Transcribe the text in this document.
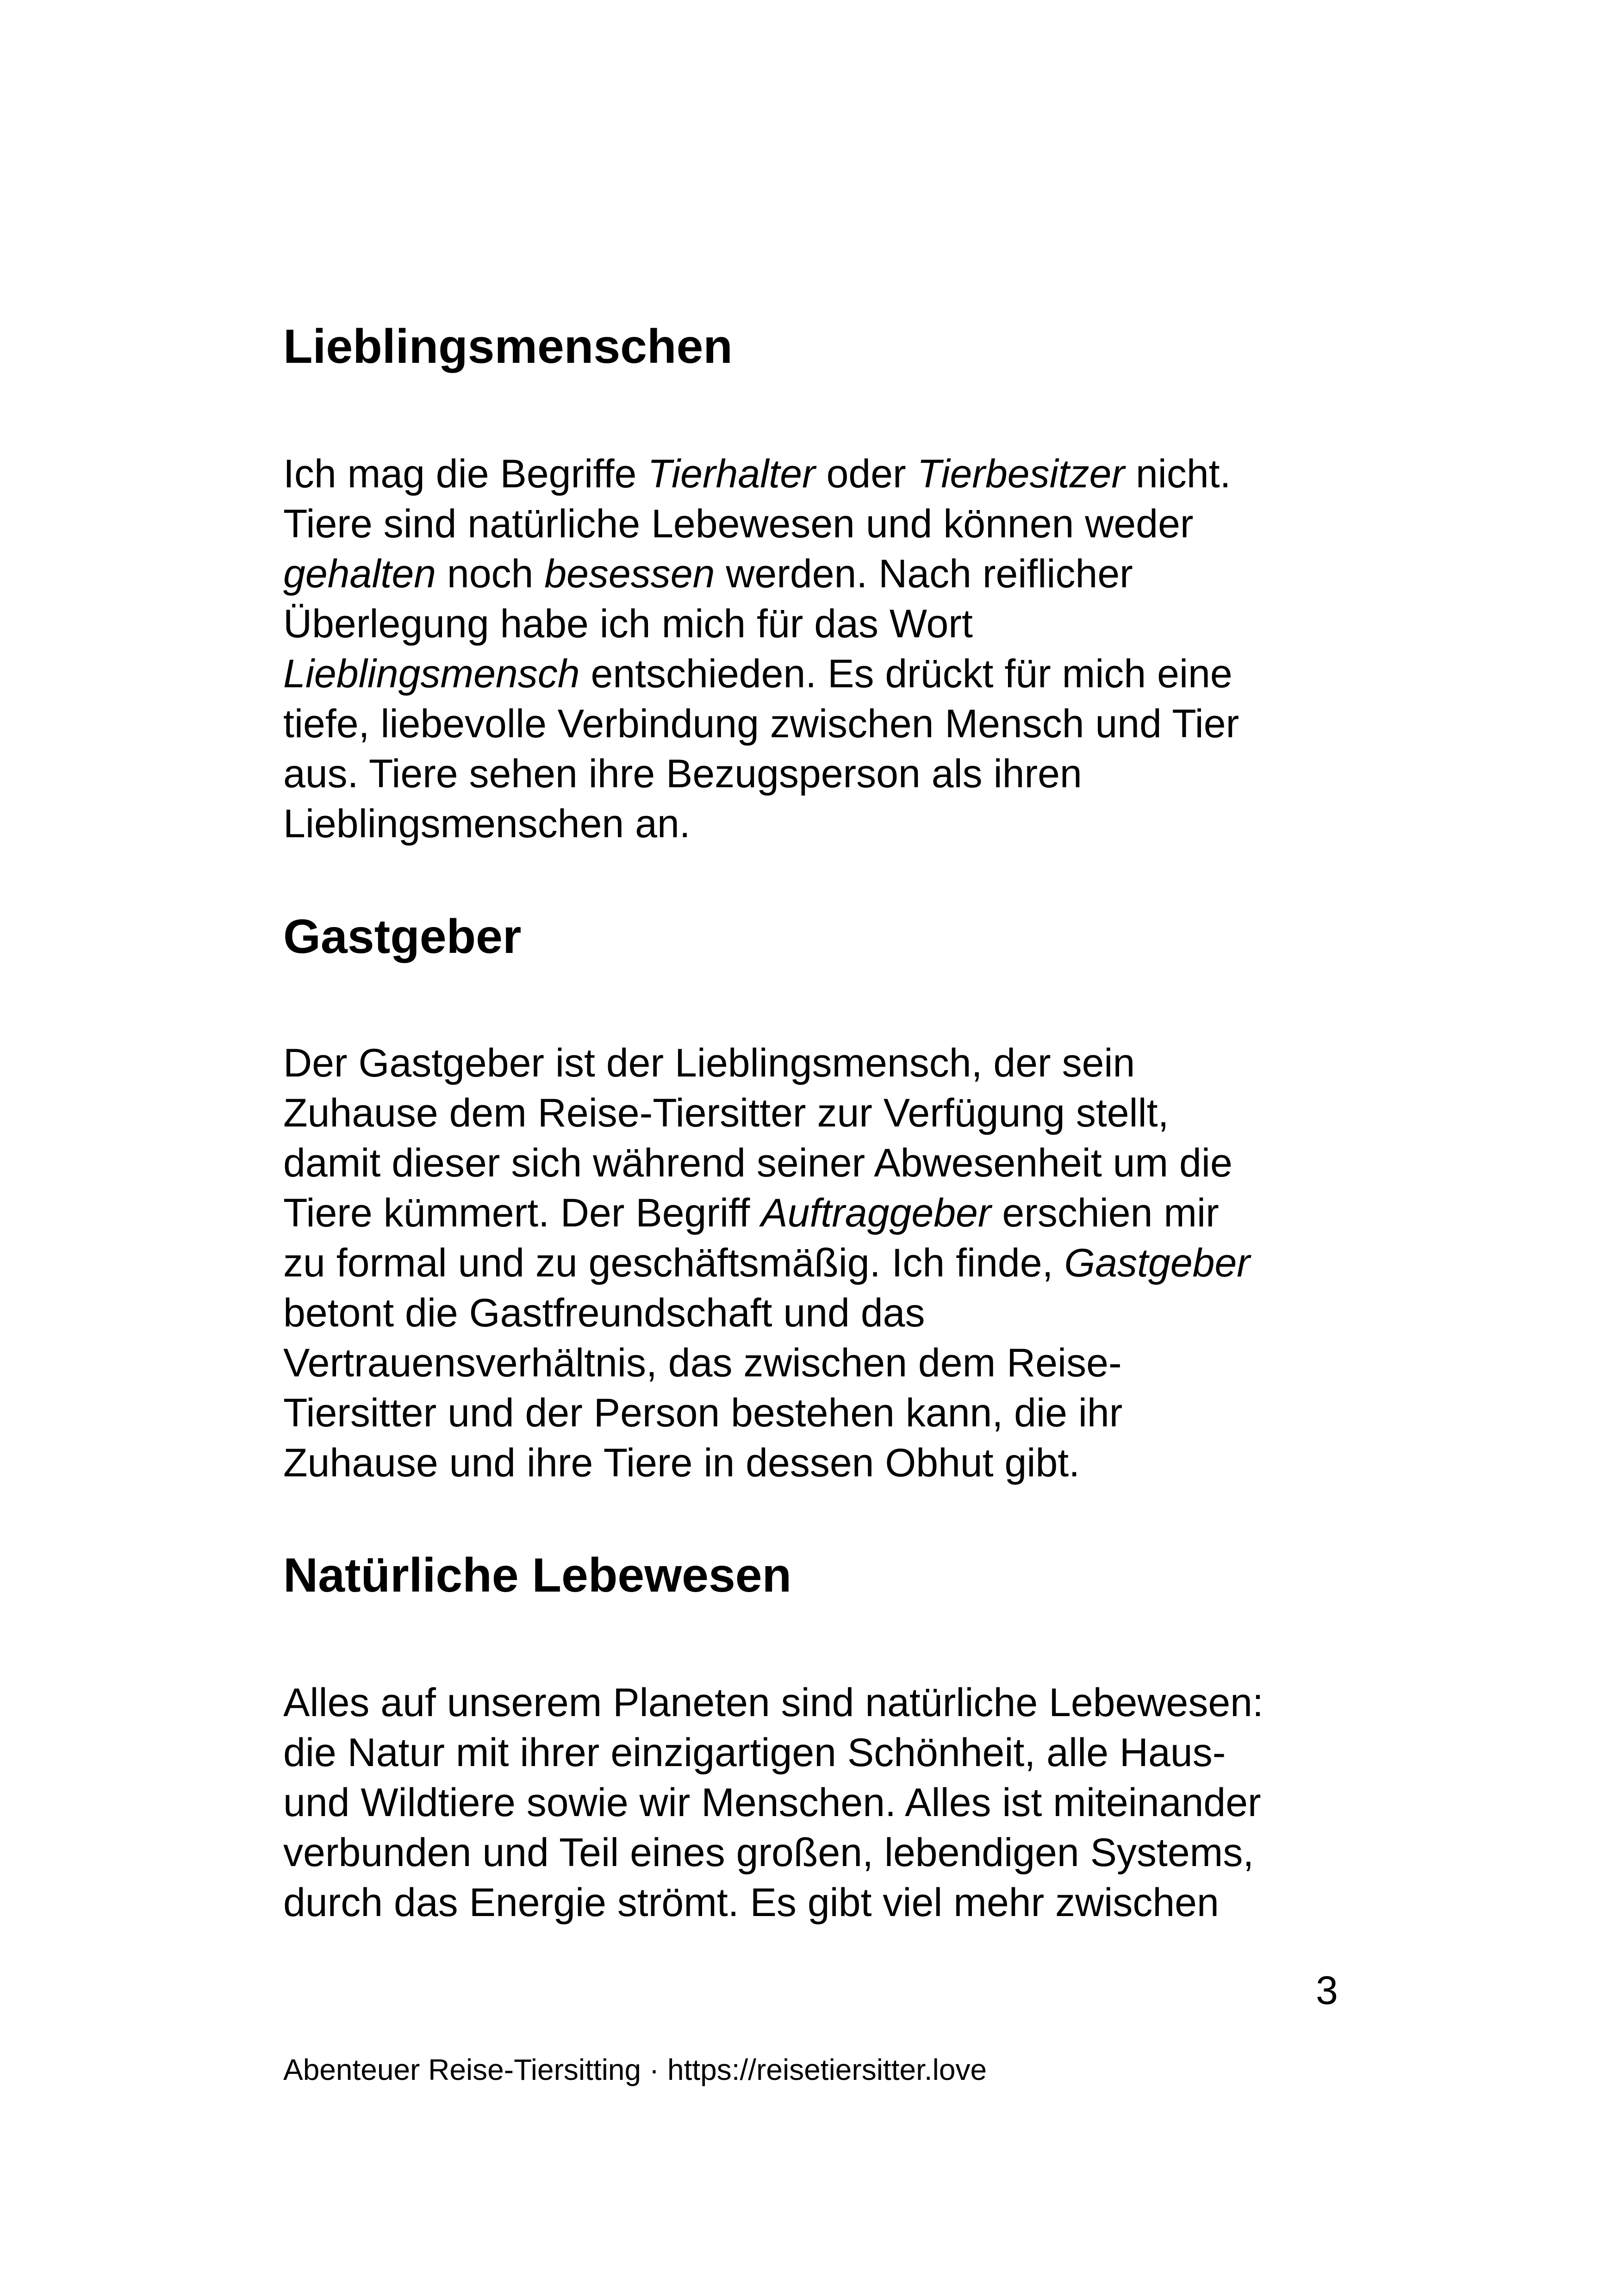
Lieblingsmenschen
Ich mag die Begriffe Tierhalter oder Tierbesitzer nicht.
Tiere sind natürliche Lebewesen und können weder
gehalten noch besessen werden. Nach reiflicher
Überlegung habe ich mich für das Wort
Lieblingsmensch entschieden. Es drückt für mich eine
tiefe, liebevolle Verbindung zwischen Mensch und Tier
aus. Tiere sehen ihre Bezugsperson als ihren
Lieblingsmenschen an.
Gastgeber
Der Gastgeber ist der Lieblingsmensch, der sein
Zuhause dem Reise-Tiersitter zur Verfügung stellt,
damit dieser sich während seiner Abwesenheit um die
Tiere kümmert. Der Begriff Auftraggeber erschien mir
zu formal und zu geschäftsmäßig. Ich finde, Gastgeber
betont die Gastfreundschaft und das
Vertrauensverhältnis, das zwischen dem Reise-
Tiersitter und der Person bestehen kann, die ihr
Zuhause und ihre Tiere in dessen Obhut gibt.
Natürliche Lebewesen
Alles auf unserem Planeten sind natürliche Lebewesen:
die Natur mit ihrer einzigartigen Schönheit, alle Haus-
und Wildtiere sowie wir Menschen. Alles ist miteinander
verbunden und Teil eines großen, lebendigen Systems,
durch das Energie strömt. Es gibt viel mehr zwischen
3
Abenteuer Reise-Tiersitting · https://reisetiersitter.love
